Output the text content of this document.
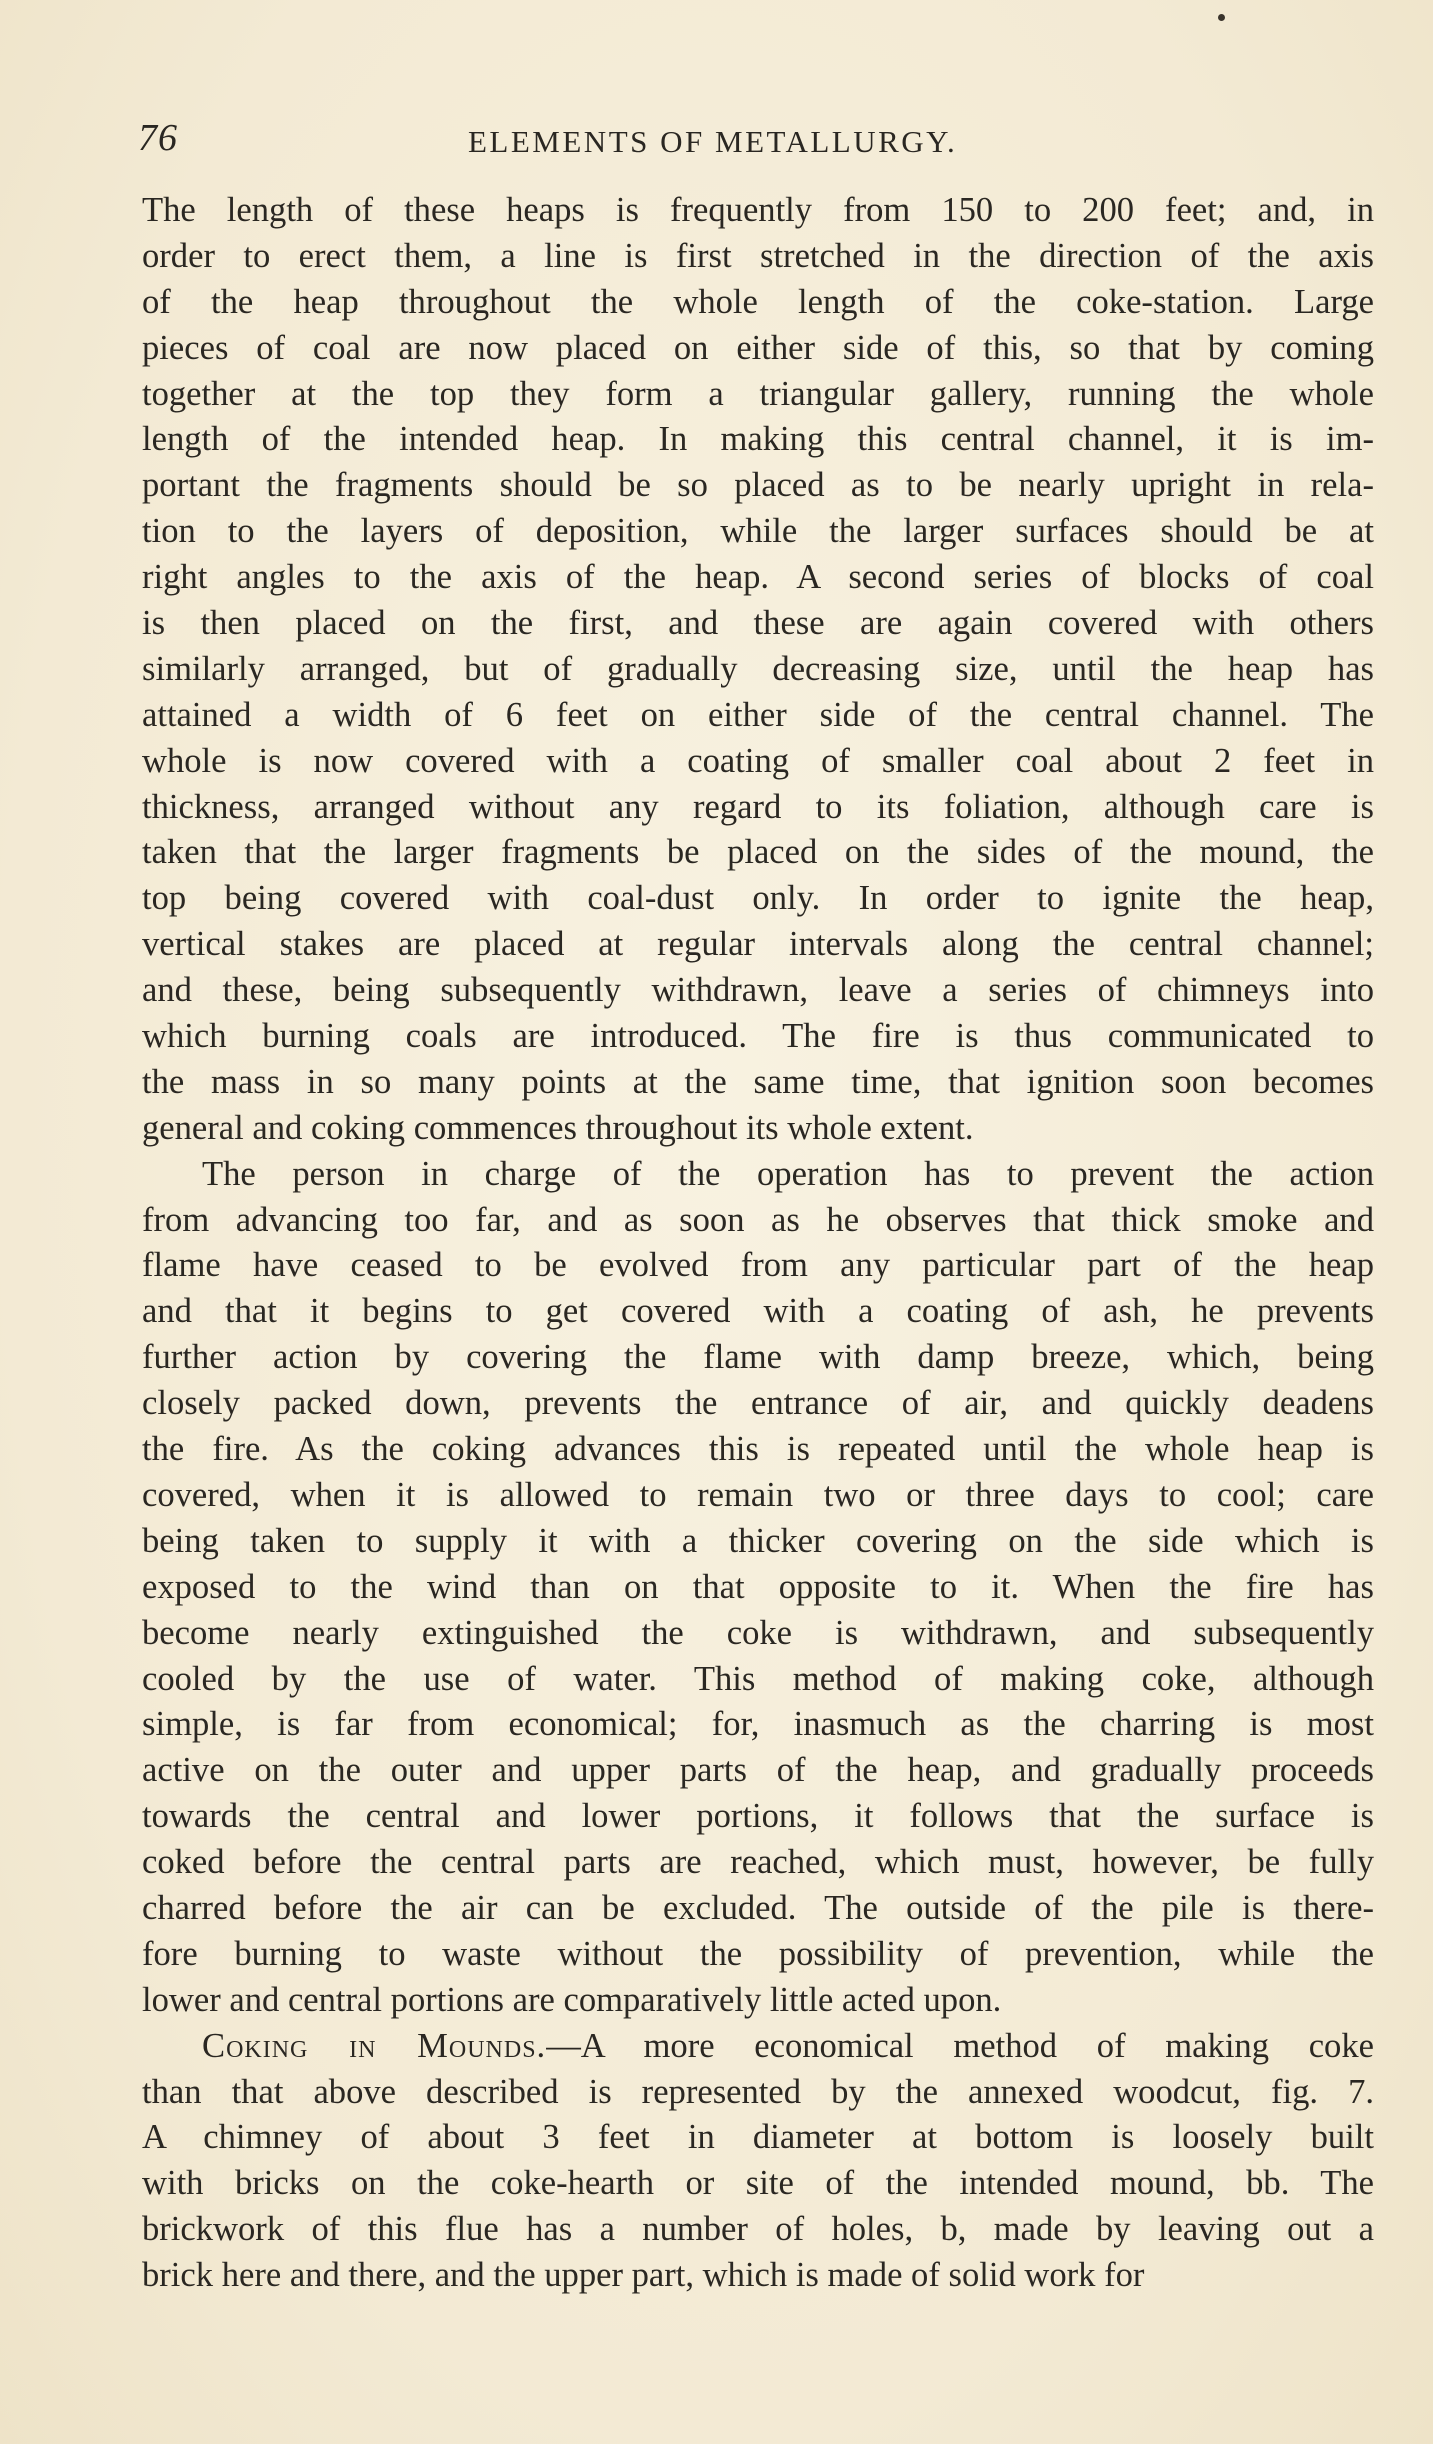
76	ELEMENTS OF METALLURGY.
The length of these heaps is frequently from 150 to 200 feet; and, in
order to erect them, a line is first stretched in the direction of the axis
of the heap throughout the whole length of the coke-station. Large
pieces of coal are now placed on either side of this, so that by coming
together at the top they form a triangular gallery, running the whole
length of the intended heap. In making this central channel, it is im-
portant the fragments should be so placed as to be nearly upright in rela-
tion to the layers of deposition, while the larger surfaces should be at
right angles to the axis of the heap. A second series of blocks of coal
is then placed on the first, and these are again covered with others
similarly arranged, but of gradually decreasing size, until the heap has
attained a width of 6 feet on either side of the central channel. The
whole is now covered with a coating of smaller coal about 2 feet in
thickness, arranged without any regard to its foliation, although care is
taken that the larger fragments be placed on the sides of the mound, the
top being covered with coal-dust only. In order to ignite the heap,
vertical stakes are placed at regular intervals along the central channel;
and these, being subsequently withdrawn, leave a series of chimneys into
which burning coals are introduced. The fire is thus communicated to
the mass in so many points at the same time, that ignition soon becomes
general and coking commences throughout its whole extent.
The person in charge of the operation has to prevent the action
from advancing too far, and as soon as he observes that thick smoke and
flame have ceased to be evolved from any particular part of the heap
and that it begins to get covered with a coating of ash, he prevents
further action by covering the flame with damp breeze, which, being
closely packed down, prevents the entrance of air, and quickly deadens
the fire. As the coking advances this is repeated until the whole heap is
covered, when it is allowed to remain two or three days to cool; care
being taken to supply it with a thicker covering on the side which is
exposed to the wind than on that opposite to it. When the fire has
become nearly extinguished the coke is withdrawn, and subsequently
cooled by the use of water. This method of making coke, although
simple, is far from economical; for, inasmuch as the charring is most
active on the outer and upper parts of the heap, and gradually proceeds
towards the central and lower portions, it follows that the surface is
coked before the central parts are reached, which must, however, be fully
charred before the air can be excluded. The outside of the pile is there-
fore burning to waste without the possibility of prevention, while the
lower and central portions are comparatively little acted upon.
Coking in Mounds.—A more economical method of making coke
than that above described is represented by the annexed woodcut, fig. 7.
A chimney of about 3 feet in diameter at bottom is loosely built
with bricks on the coke-hearth or site of the intended mound, bb. The
brickwork of this flue has a number of holes, b, made by leaving out a
brick here and there, and the upper part, which is made of solid work for
